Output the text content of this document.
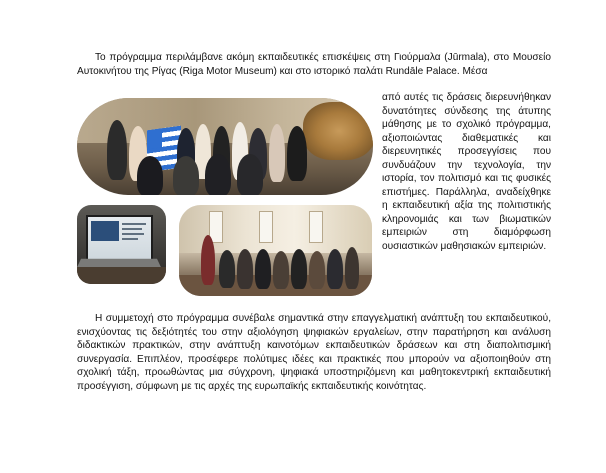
Το πρόγραμμα περιλάμβανε ακόμη εκπαιδευτικές επισκέψεις στη Γιούρμαλα (Jūrmala), στο Μουσείο Αυτοκινήτου της Ρίγας (Riga Motor Museum) και στο ιστορικό παλάτι Rundāle Palace. Μέσα

από αυτές τις δράσεις διερευνήθηκαν δυνατότητες σύνδεσης της άτυπης μάθησης με το σχολικό πρόγραμμα, αξιοποιώντας διαθεματικές και διερευνητικές προσεγγίσεις που συνδυάζουν την τεχνολογία, την ιστορία, τον πολιτισμό και τις φυσικές επιστήμες. Παράλληλα, αναδείχθηκε η εκπαιδευτική αξία της πολιτιστικής κληρονομιάς και των βιωματικών εμπειριών στη διαμόρφωση ουσιαστικών μαθησιακών εμπειριών.

Η συμμετοχή στο πρόγραμμα συνέβαλε σημαντικά στην επαγγελματική ανάπτυξη του εκπαιδευτικού, ενισχύοντας τις δεξιότητές του στην αξιολόγηση ψηφιακών εργαλείων, στην παρατήρηση και ανάλυση διδακτικών πρακτικών, στην ανάπτυξη καινοτόμων εκπαιδευτικών δράσεων και στη διαπολιτισμική συνεργασία. Επιπλέον, προσέφερε πολύτιμες ιδέες και πρακτικές που μπορούν να αξιοποιηθούν στη σχολική τάξη, προωθώντας μια σύγχρονη, ψηφιακά υποστηριζόμενη και μαθητοκεντρική εκπαιδευτική προσέγγιση, σύμφωνη με τις αρχές της ευρωπαϊκής εκπαιδευτικής κοινότητας.
